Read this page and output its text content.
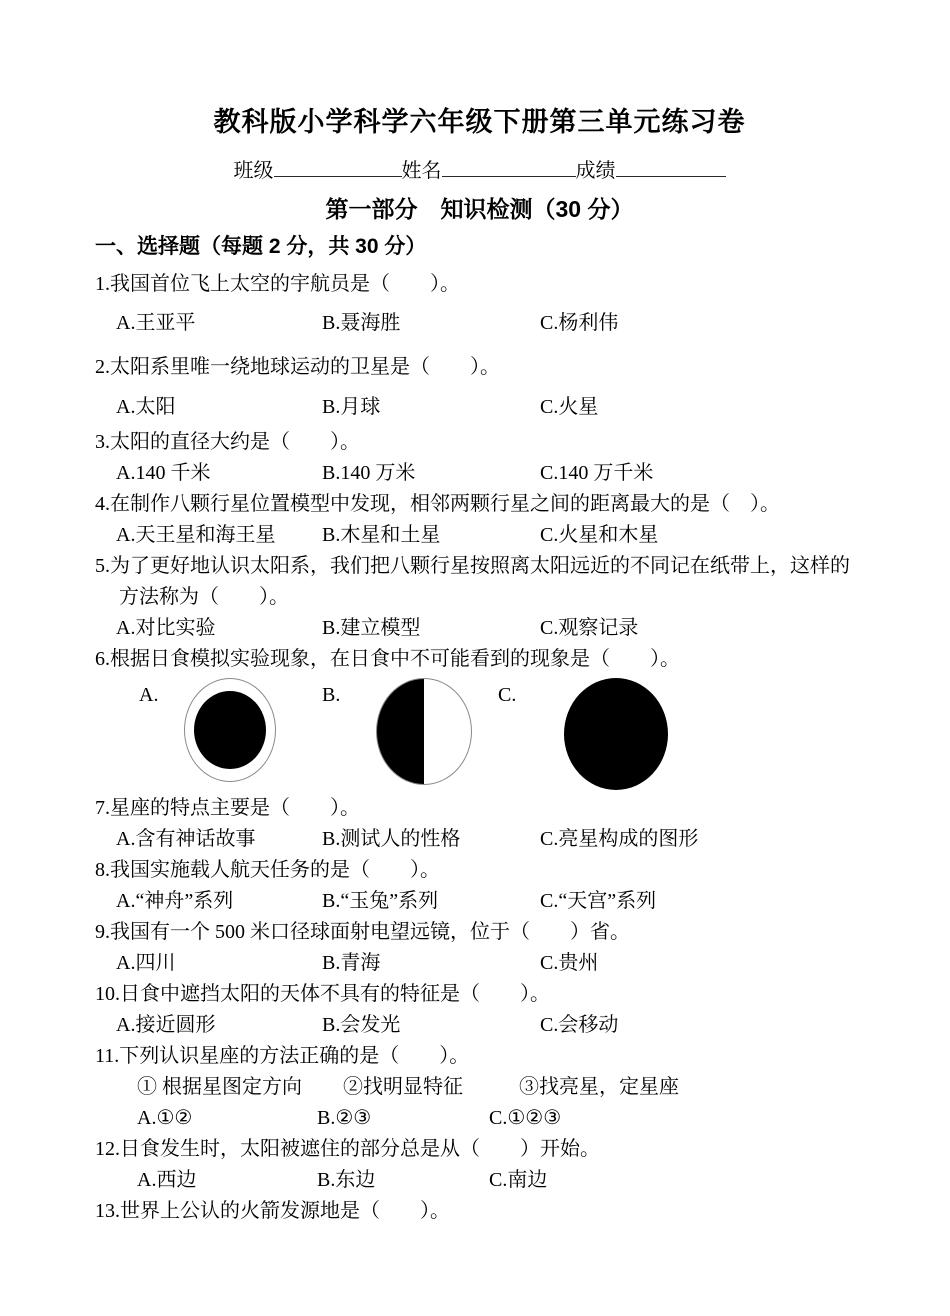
教科版小学科学六年级下册第三单元练习卷
班级	姓名	成绩
第一部分　知识检测（30 分）
一、选择题（每题 2 分，共 30 分）
1.我国首位飞上太空的宇航员是（　　）。
A.王亚平	B.聂海胜	C.杨利伟
2.太阳系里唯一绕地球运动的卫星是（　　）。
A.太阳	B.月球	C.火星
3.太阳的直径大约是（　　）。
A.140 千米	B.140 万米	C.140 万千米
4.在制作八颗行星位置模型中发现，相邻两颗行星之间的距离最大的是（　）。
A.天王星和海王星	B.木星和土星	C.火星和木星
5.为了更好地认识太阳系，我们把八颗行星按照离太阳远近的不同记在纸带上，这样的方法称为（　　）。
A.对比实验	B.建立模型	C.观察记录
6.根据日食模拟实验现象，在日食中不可能看到的现象是（　　）。
A.	B.	C.
7.星座的特点主要是（　　）。
A.含有神话故事	B.测试人的性格	C.亮星构成的图形
8.我国实施载人航天任务的是（　　）。
A.“神舟”系列	B.“玉兔”系列	C.“天宫”系列
9.我国有一个 500 米口径球面射电望远镜，位于（　　）省。
A.四川	B.青海	C.贵州
10.日食中遮挡太阳的天体不具有的特征是（　　）。
A.接近圆形	B.会发光	C.会移动
11.下列认识星座的方法正确的是（　　）。
① 根据星图定方向	②找明显特征	③找亮星，定星座
A.①②	B.②③	C.①②③
12.日食发生时，太阳被遮住的部分总是从（　　）开始。
A.西边	B.东边	C.南边
13.世界上公认的火箭发源地是（　　）。
